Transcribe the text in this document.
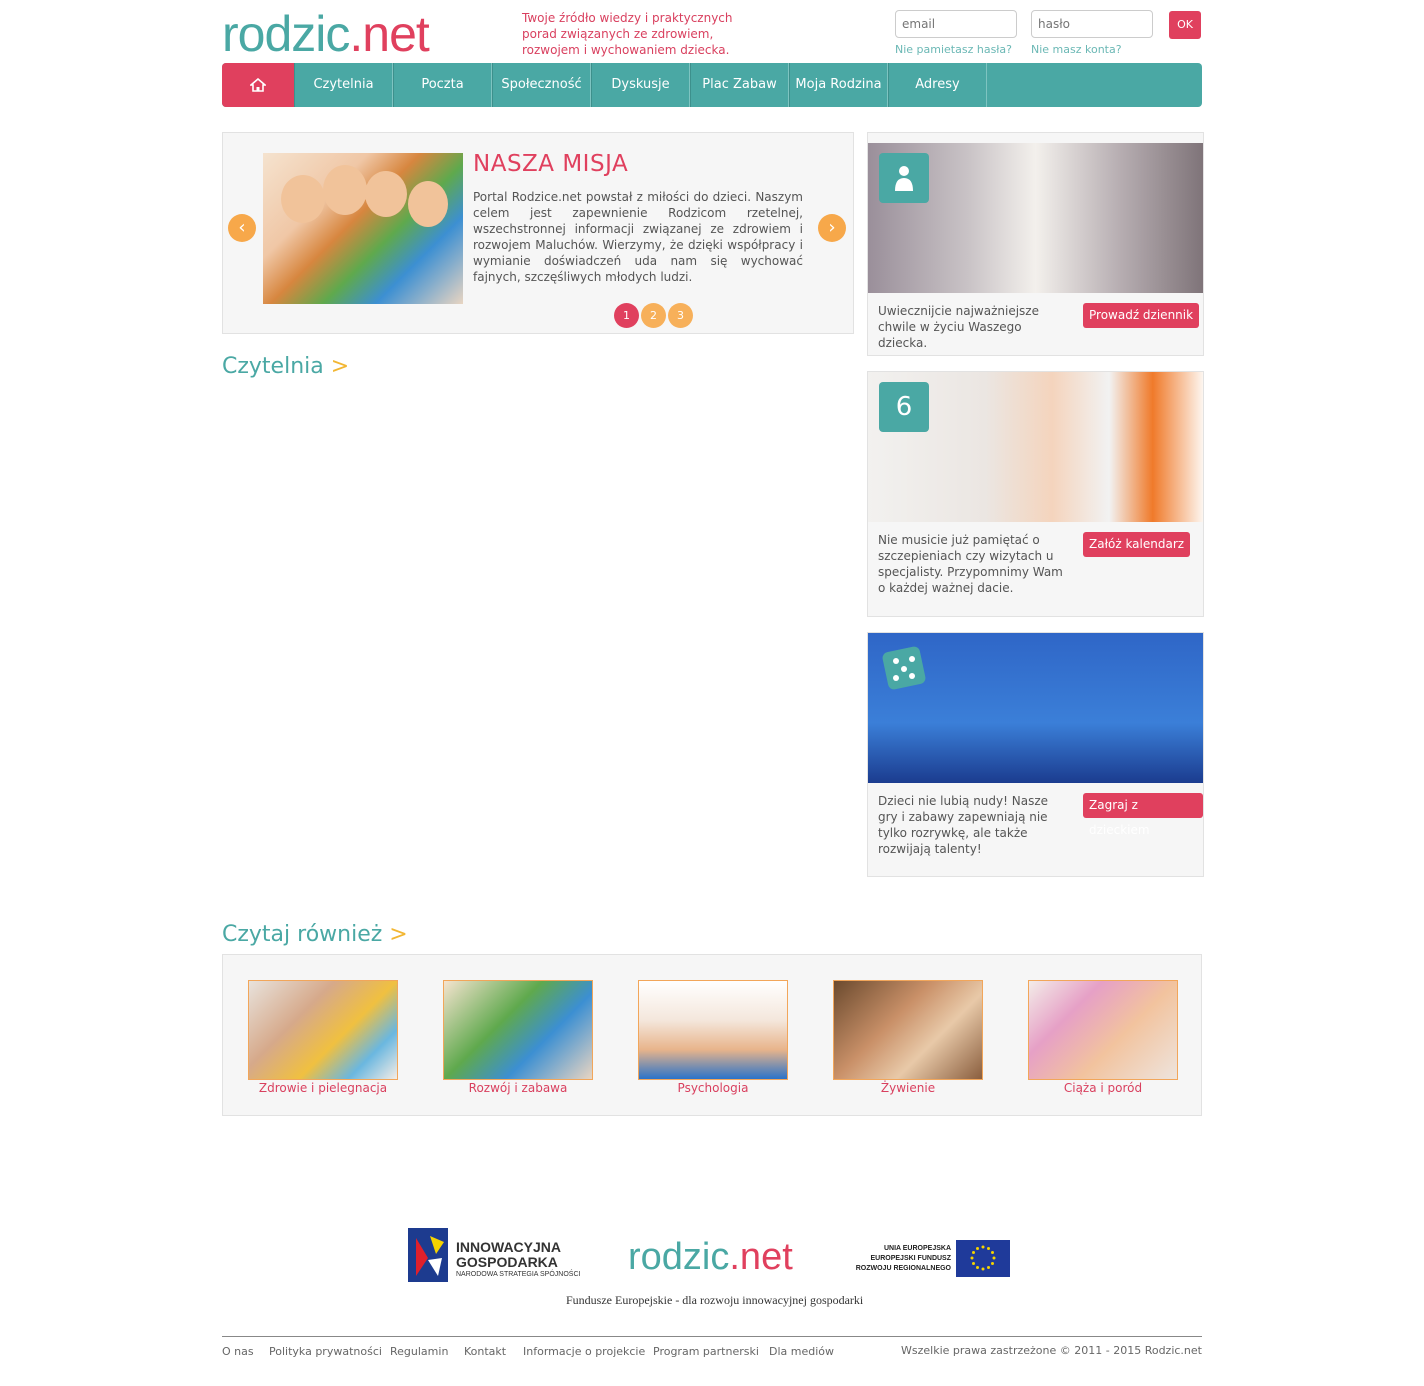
rodzic.net	Twoje źródło wiedzy i praktycznych porad związanych ze zdrowiem, rozwojem i wychowaniem dziecka.
email
OK
Nie pamietasz hasła? Nie masz konta?
Czytelnia	Poczta	Społeczność	Dyskusje	Plac Zabaw	Moja Rodzina	Adresy
‹
NASZA MISJA
Portal Rodzice.net powstał z miłości do dzieci. Naszym celem jest zapewnienie Rodzicom rzetelnej, wszechstronnej informacji związanej ze zdrowiem i rozwojem Maluchów. Wierzymy, że dzięki współpracy i wymianie doświadczeń uda nam się wychować fajnych, szczęśliwych młodych ludzi.
›
1	2	3
Czytelnia >
Uwiecznijcie najważniejsze chwile w życiu Waszego dziecka.
Prowadź dziennik
6
Nie musicie już pamiętać o szczepieniach czy wizytach u specjalisty. Przypomnimy Wam o każdej ważnej dacie.
Załóż kalendarz
Dzieci nie lubią nudy! Nasze gry i zabawy zapewniają nie tylko rozrywkę, ale także rozwijają talenty!
Zagraj z dzieckiem
Czytaj również >
Zdrowie i pielegnacja	Rozwój i zabawa	Psychologia	Żywienie	Ciąża i poród
INNOWACYJNA
GOSPODARKA
NARODOWA STRATEGIA SPÓJNOŚCI rodzic.net	UNIA EUROPEJSKA EUROPEJSKI FUNDUSZ ROZWOJU REGIONALNEGO
Fundusze Europejskie - dla rozwoju innowacyjnej gospodarki
O nas Polityka prywatności Regulamin Kontakt Informacje o projekcie Program partnerski Dla mediów	Wszelkie prawa zastrzeżone © 2011 - 2015 Rodzic.net
